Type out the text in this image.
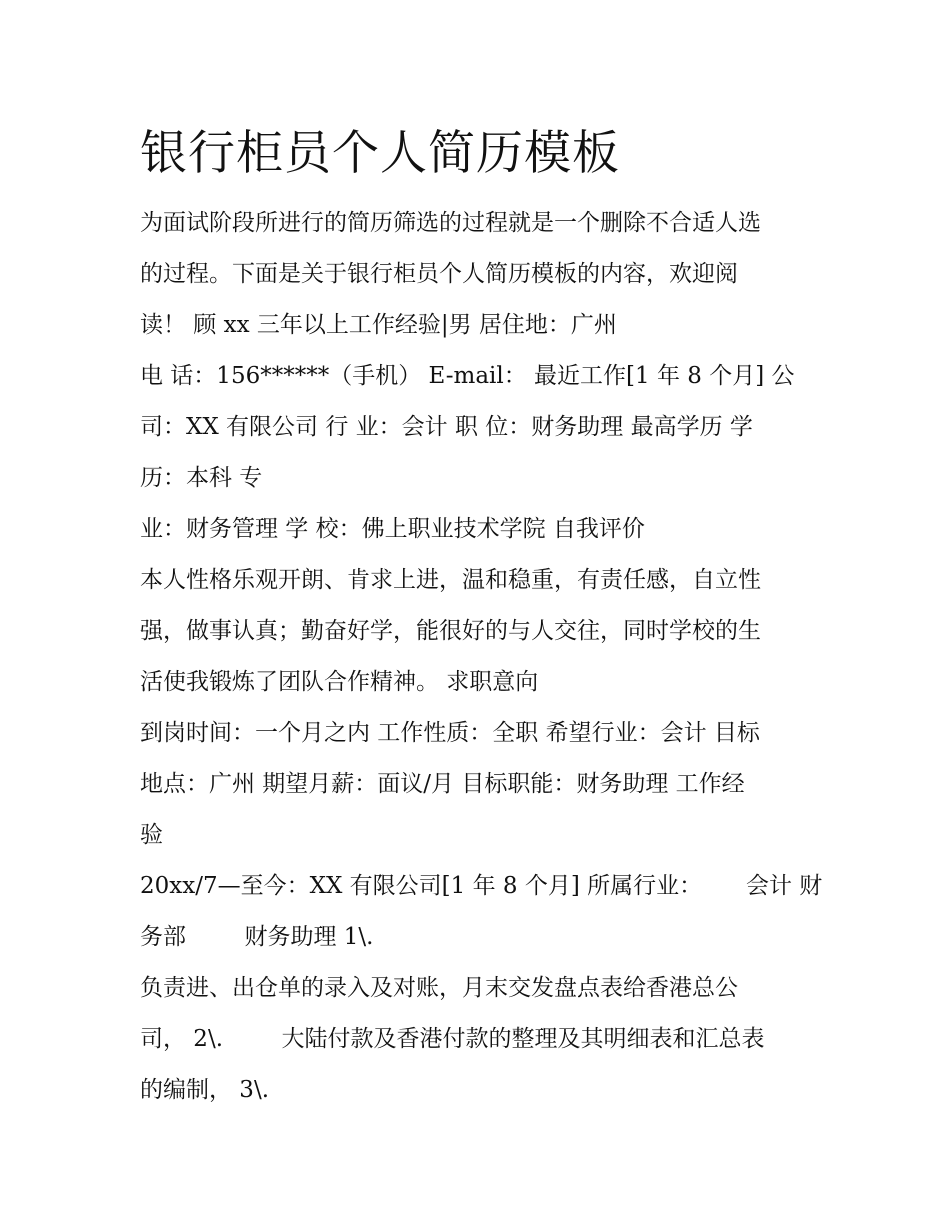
银行柜员个人简历模板
为面试阶段所进行的简历筛选的过程就是一个删除不合适人选
的过程。下面是关于银行柜员个人简历模板的内容，欢迎阅
读！ 顾 xx 三年以上工作经验|男 居住地：广州
电 话：156******（手机） E-mail： 最近工作[1 年 8 个月] 公
司：XX 有限公司 行 业：会计 职 位：财务助理 最高学历 学
历：本科 专
业：财务管理 学 校：佛上职业技术学院 自我评价
本人性格乐观开朗、肯求上进，温和稳重，有责任感，自立性
强，做事认真；勤奋好学，能很好的与人交往，同时学校的生
活使我锻炼了团队合作精神。 求职意向
到岗时间：一个月之内 工作性质：全职 希望行业：会计 目标
地点：广州 期望月薪：面议/月 目标职能：财务助理 工作经
验
20xx/7—至今：XX 有限公司[1 年 8 个月] 所属行业：      会计 财
务部        财务助理 1\.
负责进、出仓单的录入及对账，月末交发盘点表给香港总公
司， 2\.        大陆付款及香港付款的整理及其明细表和汇总表
的编制， 3\.
